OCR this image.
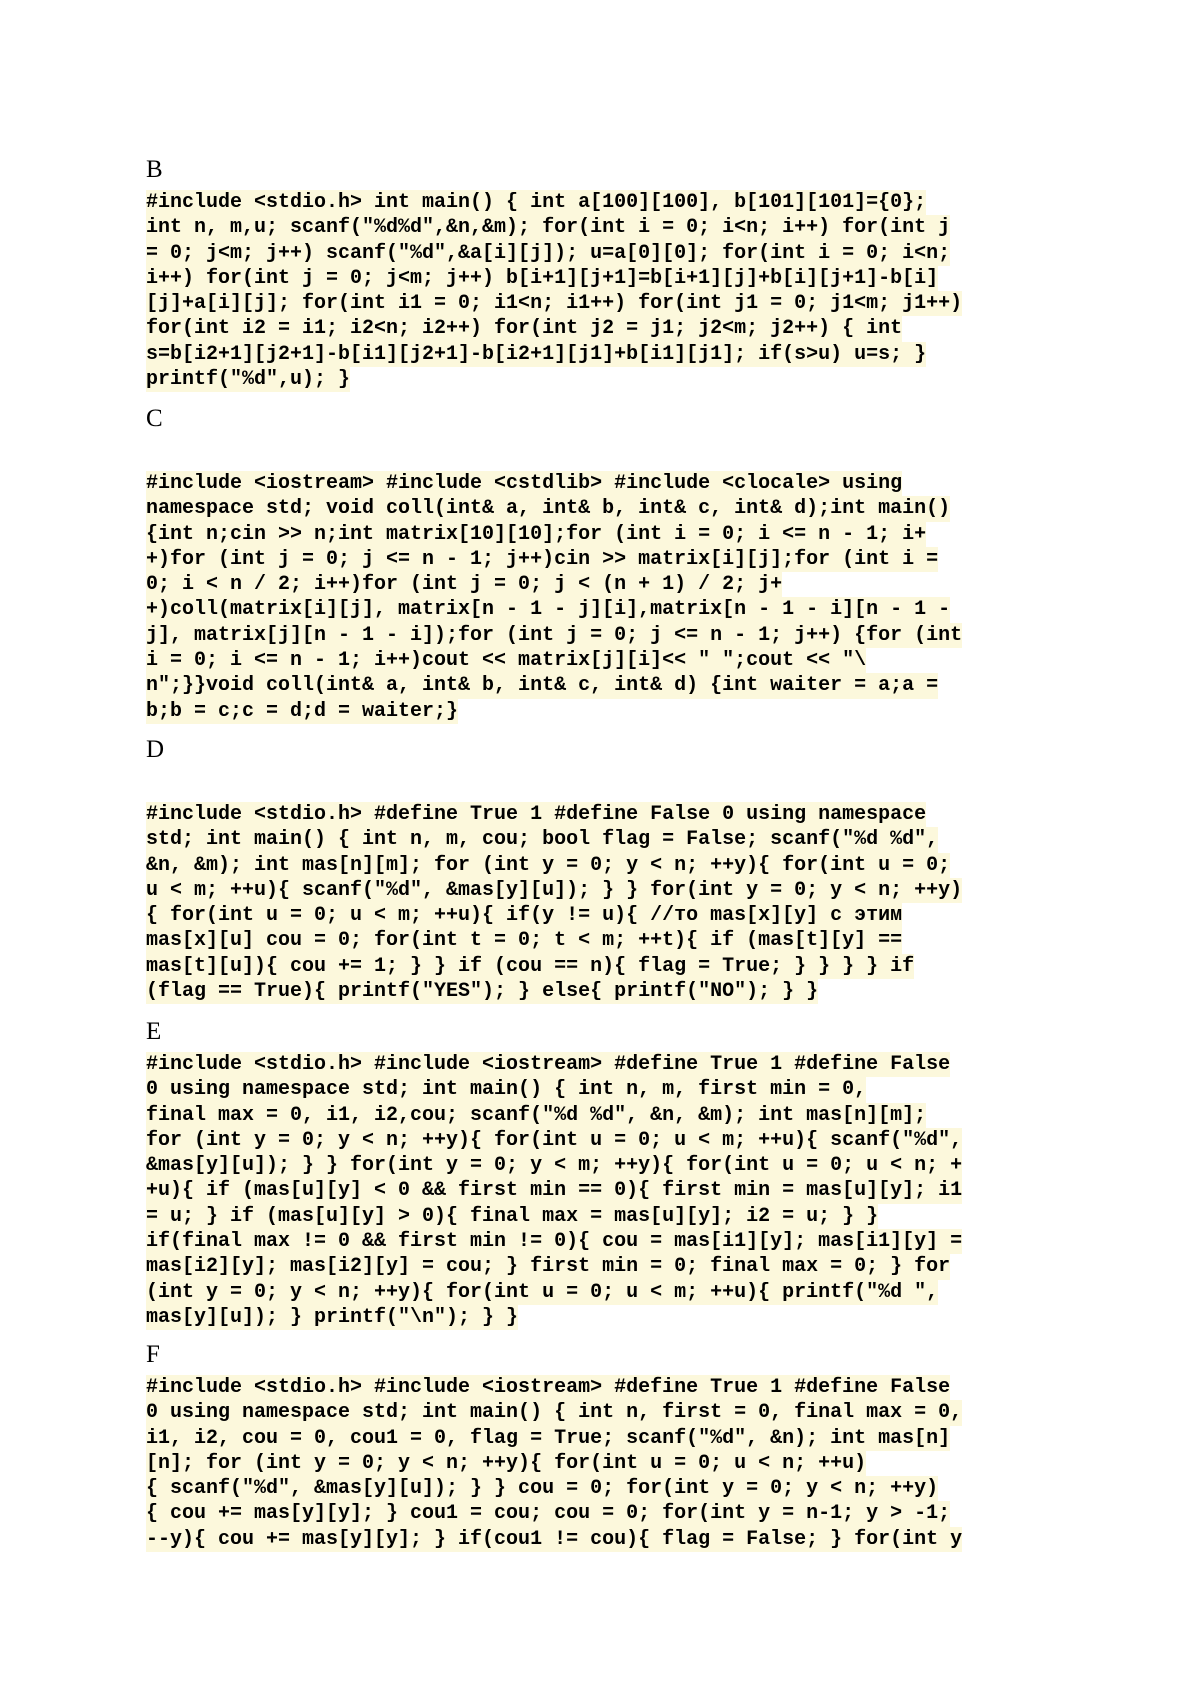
B
#include <stdio.h> int main() { int a[100][100], b[101][101]={0};
int n, m,u; scanf("%d%d",&n,&m); for(int i = 0; i<n; i++) for(int j
= 0; j<m; j++) scanf("%d",&a[i][j]); u=a[0][0]; for(int i = 0; i<n;
i++) for(int j = 0; j<m; j++) b[i+1][j+1]=b[i+1][j]+b[i][j+1]-b[i]
[j]+a[i][j]; for(int i1 = 0; i1<n; i1++) for(int j1 = 0; j1<m; j1++)
for(int i2 = i1; i2<n; i2++) for(int j2 = j1; j2<m; j2++) { int
s=b[i2+1][j2+1]-b[i1][j2+1]-b[i2+1][j1]+b[i1][j1]; if(s>u) u=s; }
printf("%d",u); }
C
#include <iostream> #include <cstdlib> #include <clocale> using
namespace std; void coll(int& a, int& b, int& c, int& d);int main()
{int n;cin >> n;int matrix[10][10];for (int i = 0; i <= n - 1; i+
+)for (int j = 0; j <= n - 1; j++)cin >> matrix[i][j];for (int i =
0; i < n / 2; i++)for (int j = 0; j < (n + 1) / 2; j+
+)coll(matrix[i][j], matrix[n - 1 - j][i],matrix[n - 1 - i][n - 1 -
j], matrix[j][n - 1 - i]);for (int j = 0; j <= n - 1; j++) {for (int
i = 0; i <= n - 1; i++)cout << matrix[j][i]<< " ";cout << "\
n";}}void coll(int& a, int& b, int& c, int& d) {int waiter = a;a =
b;b = c;c = d;d = waiter;}
D
#include <stdio.h> #define True 1 #define False 0 using namespace
std; int main() { int n, m, cou; bool flag = False; scanf("%d %d",
&n, &m); int mas[n][m]; for (int y = 0; y < n; ++y){ for(int u = 0;
u < m; ++u){ scanf("%d", &mas[y][u]); } } for(int y = 0; y < n; ++y)
{ for(int u = 0; u < m; ++u){ if(y != u){ //то mas[x][y] с этим
mas[x][u] cou = 0; for(int t = 0; t < m; ++t){ if (mas[t][y] ==
mas[t][u]){ cou += 1; } } if (cou == n){ flag = True; } } } } if
(flag == True){ printf("YES"); } else{ printf("NO"); } }
E
#include <stdio.h> #include <iostream> #define True 1 #define False
0 using namespace std; int main() { int n, m, first min = 0,
final max = 0, i1, i2,cou; scanf("%d %d", &n, &m); int mas[n][m];
for (int y = 0; y < n; ++y){ for(int u = 0; u < m; ++u){ scanf("%d",
&mas[y][u]); } } for(int y = 0; y < m; ++y){ for(int u = 0; u < n; +
+u){ if (mas[u][y] < 0 && first min == 0){ first min = mas[u][y]; i1
= u; } if (mas[u][y] > 0){ final max = mas[u][y]; i2 = u; } }
if(final max != 0 && first min != 0){ cou = mas[i1][y]; mas[i1][y] =
mas[i2][y]; mas[i2][y] = cou; } first min = 0; final max = 0; } for
(int y = 0; y < n; ++y){ for(int u = 0; u < m; ++u){ printf("%d ",
mas[y][u]); } printf("\n"); } }
F
#include <stdio.h> #include <iostream> #define True 1 #define False
0 using namespace std; int main() { int n, first = 0, final max = 0,
i1, i2, cou = 0, cou1 = 0, flag = True; scanf("%d", &n); int mas[n]
[n]; for (int y = 0; y < n; ++y){ for(int u = 0; u < n; ++u)
{ scanf("%d", &mas[y][u]); } } cou = 0; for(int y = 0; y < n; ++y)
{ cou += mas[y][y]; } cou1 = cou; cou = 0; for(int y = n-1; y > -1;
--y){ cou += mas[y][y]; } if(cou1 != cou){ flag = False; } for(int y
